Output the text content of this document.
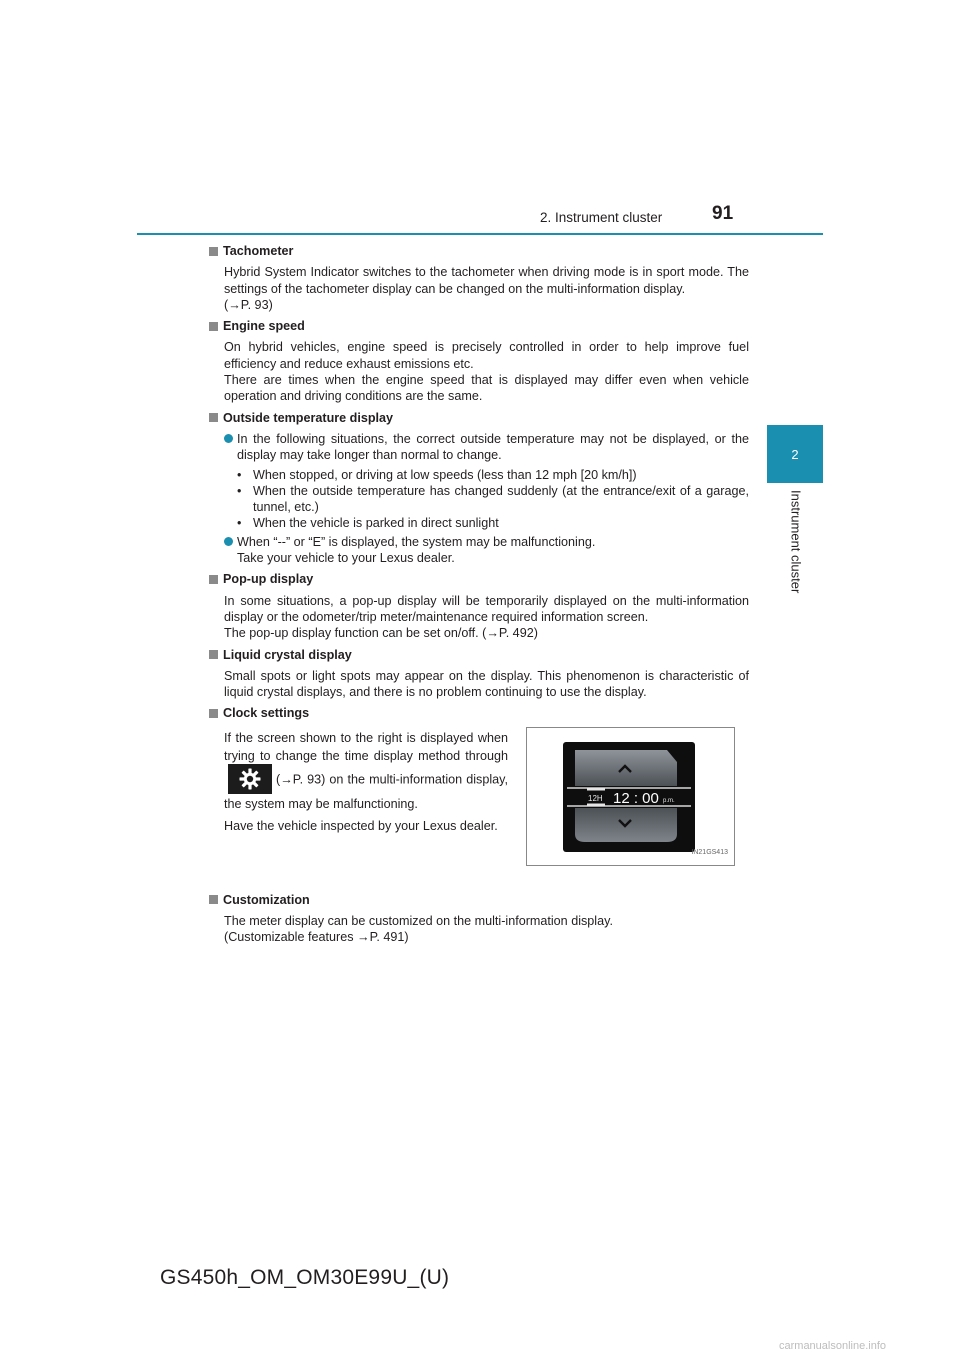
2. Instrument cluster	91
2
Instrument cluster
Tachometer

Hybrid System Indicator switches to the tachometer when driving mode is in sport mode. The settings of the tachometer display can be changed on the multi-information display.
(→P. 93)

Engine speed

On hybrid vehicles, engine speed is precisely controlled in order to help improve fuel efficiency and reduce exhaust emissions etc.

There are times when the engine speed that is displayed may differ even when vehicle operation and driving conditions are the same.

Outside temperature display
In the following situations, the correct outside temperature may not be displayed, or the display may take longer than normal to change.
• When stopped, or driving at low speeds (less than 12 mph [20 km/h])
• When the outside temperature has changed suddenly (at the entrance/exit of a garage, tunnel, etc.)
• When the vehicle is parked in direct sunlight
When “--” or “E” is displayed, the system may be malfunctioning.
Take your vehicle to your Lexus dealer.
Pop-up display

In some situations, a pop-up display will be temporarily displayed on the multi-information display or the odometer/trip meter/maintenance required information screen.

The pop-up display function can be set on/off. (→P. 492)

Liquid crystal display

Small spots or light spots may appear on the display. This phenomenon is characteristic of liquid crystal displays, and there is no problem continuing to use the display.

Clock settings

If the screen shown to the right is displayed when trying to change the time display method through
(→P. 93) on the multi-information display, the system may be malfunctioning.

Have the vehicle inspected by your Lexus dealer.

12H 12 : 00 p.m.
IN21GS413
Customization

The meter display can be customized on the multi-information display.

(Customizable features →P. 491)

GS450h_OM_OM30E99U_(U)
carmanualsonline.info
